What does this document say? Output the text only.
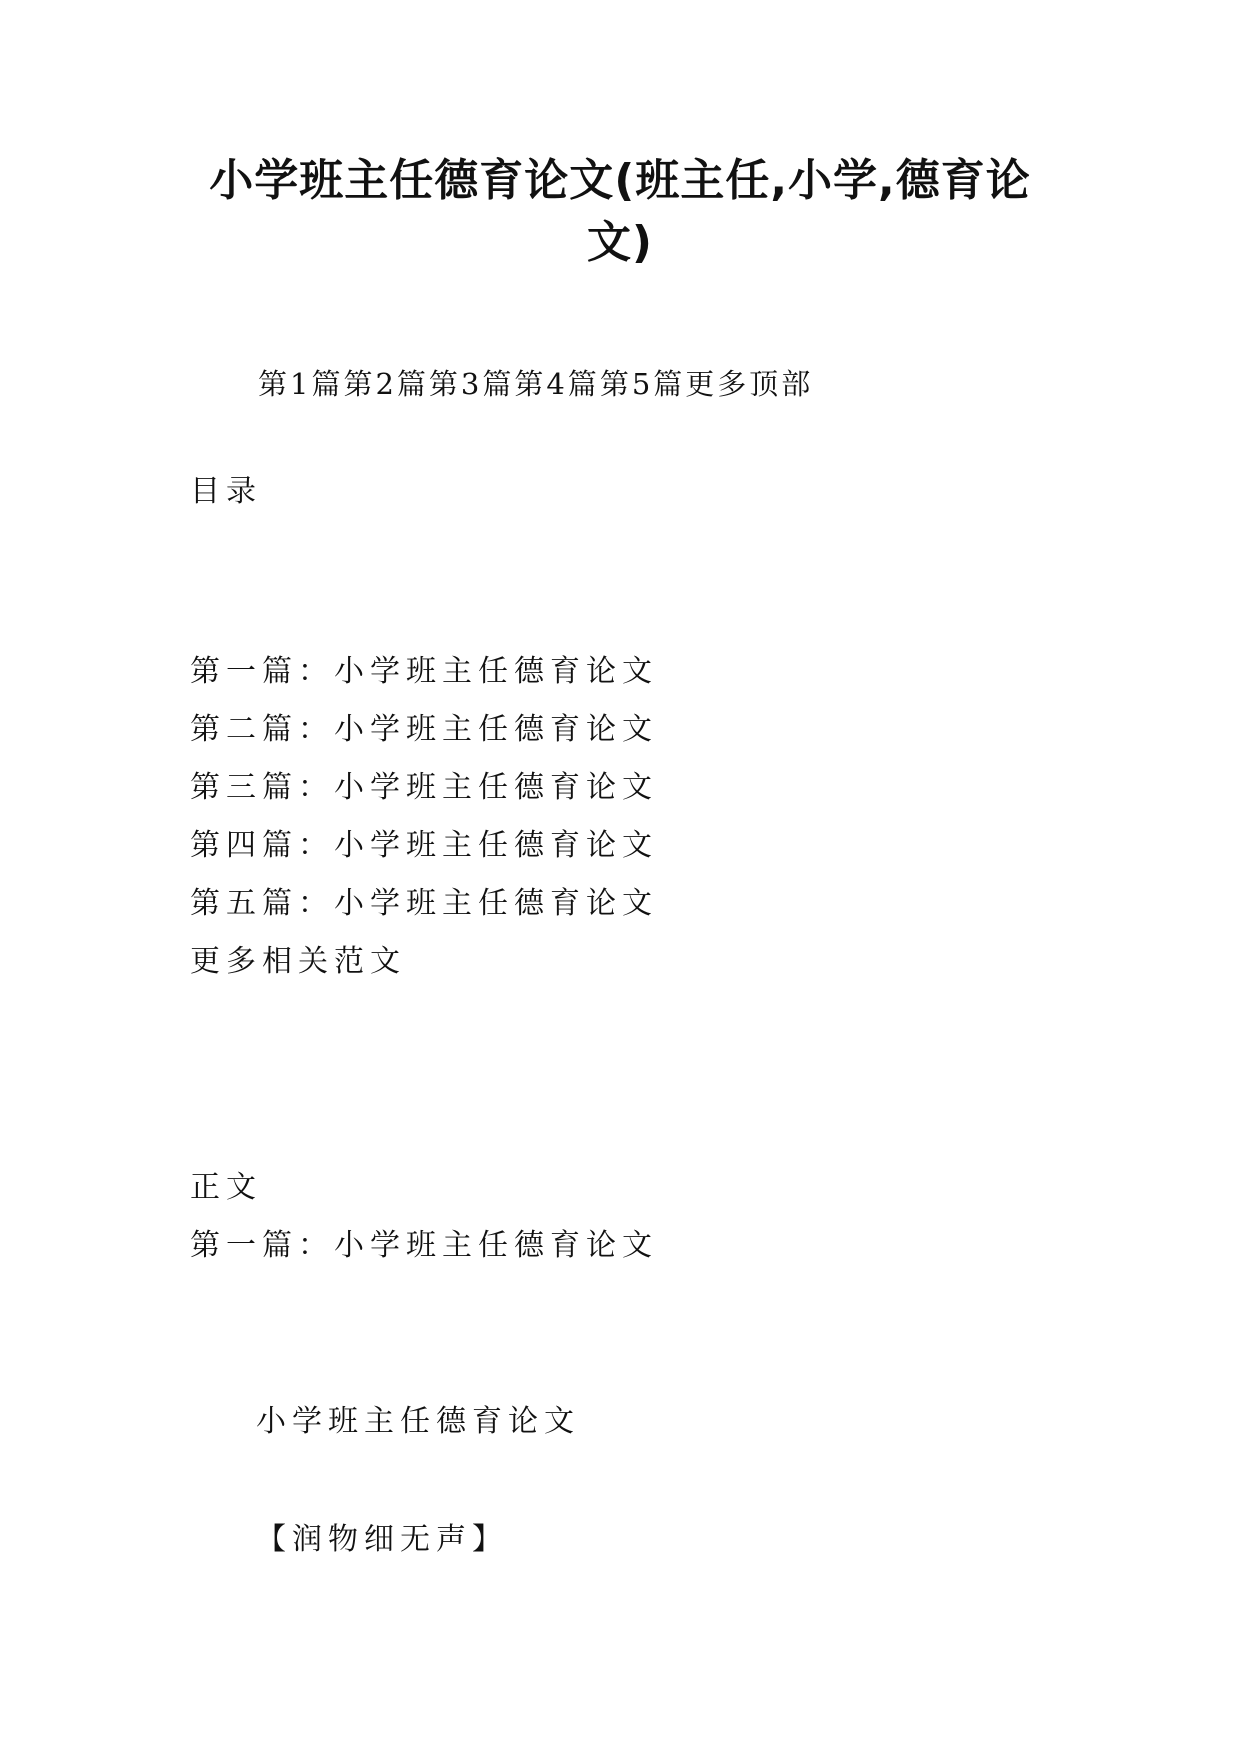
小学班主任德育论文(班主任,小学,德育论文)
第1篇第2篇第3篇第4篇第5篇更多顶部
目录
第一篇：小学班主任德育论文
第二篇：小学班主任德育论文
第三篇：小学班主任德育论文
第四篇：小学班主任德育论文
第五篇：小学班主任德育论文
更多相关范文
正文
第一篇：小学班主任德育论文
小学班主任德育论文
【润物细无声】
